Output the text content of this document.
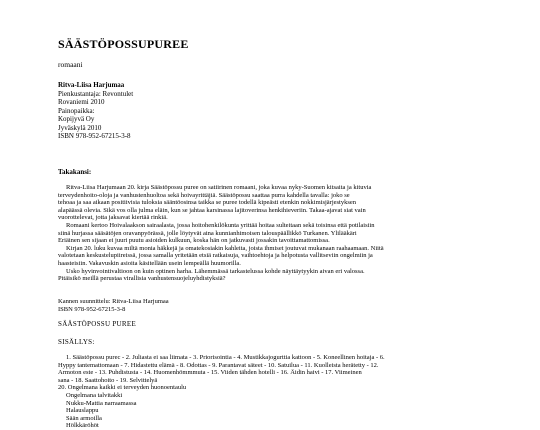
SÄÄSTÖPOSSUPUREE
romaani
Ritva-Liisa Harjumaa
Pienkustantaja: Revontulet
Rovaniemi 2010
Painopaikka:
Kopijyvä Oy
Jyväskylä 2010
ISBN 978-952-67215-3-8
Takakansi:
Ritva-Liisa Harjumaan 20. kirja Säästöpossu puree on satiirinen romaani, joka kuvaa nyky-Suomen kitsaita ja kituvia
terveydenhoito-oloja ja vanhustenhuoltoa sekä hoivayrittäjiä. Säästöpossu saattaa purra kahdella tavalla: joko se
tehoaa ja saa aikaan positiivisia tuloksia sääntöosinsa taikka se puree todellä kipeästi etenkin nokkimisjärjestyksen
alapäässä olevia. Sikä vos olla julma eläin, kun se jahtaa karsinassa lajitoverinsa henkihieveriin. Takaa-ajavat siat vain
vuorottelevat, jotta jaksavat kiertää rinkiä.
Romaani kertoo Hoivalaakson sairaalasta, jossa hoitohenkilökunta yrittää hoitaa sulteitaan sekä toisinsa että potilaisiin
siinä hurjassa sääsätöjen oravanpyörässä, jolle löytyvät aina kunnianhimoisen talouspäällikkö Turkanen. Ylilääkäri
Eriäinen sen sijaan ei juuri puutu asioiden kulkuun, koska hän on jatkuvasti jossakin tavoittamattomissa.
Kirjan 20. luku kuvaa miltä monia häkkejä ja omatekosiakin kahleita, joista ihmiset joutuvat mukanaan raahaamaan. Niitä
valotetaan keskustelupiireissä, jossa samalla yritetään etsiä ratkaisuja, vaihtoehtoja ja helpotusta vallitseviin ongelmiin ja
haasteisiin. Vakavuskin asioita käsitellään usein lempeällä huumorilla.
Usko hyvinvointivaltioon on kuin optinen harha. Lähemmässä tarkastelussa kohde näyttäytyykin aivan eri valossa.
Pitäisikö meillä perustaa virallisia vanhustensuojeluyhdistyksiä?
Kannen suunnittelu: Ritva-Liisa Harjumaa
ISBN 978-952-67215-3-8
SÄÄSTÖPOSSU PUREE
SISÄLLYS:
1. Säästöpossu purec - 2. Juliasta ei saa liimata - 3. Priorisointia - 4. Mustikkajogurttia kattoon - 5. Koneellinen hoitaja - 6.
Hyppy tantemattomaan - 7. Hidastettu elämä - 8. Odottas - 9. Parantavat säteet - 10. Satuilua - 11. Kuolleista herätetty - 12.
Armoton este - 13. Puhdistusta - 14. Huomenhömmmuta - 15. Viiden tähden hotelli - 16. Äidin haivi - 17. Viimeinen
sana - 18. Saattohoito - 19. Selvittelyä
20. Ongelmana kaikki ei terveyden huonoentaulu
Ongelmana talvitakki
Nukku-Mattia narraamassa
Halauslappu
Sään armoilla
Hölkkäröhöt
